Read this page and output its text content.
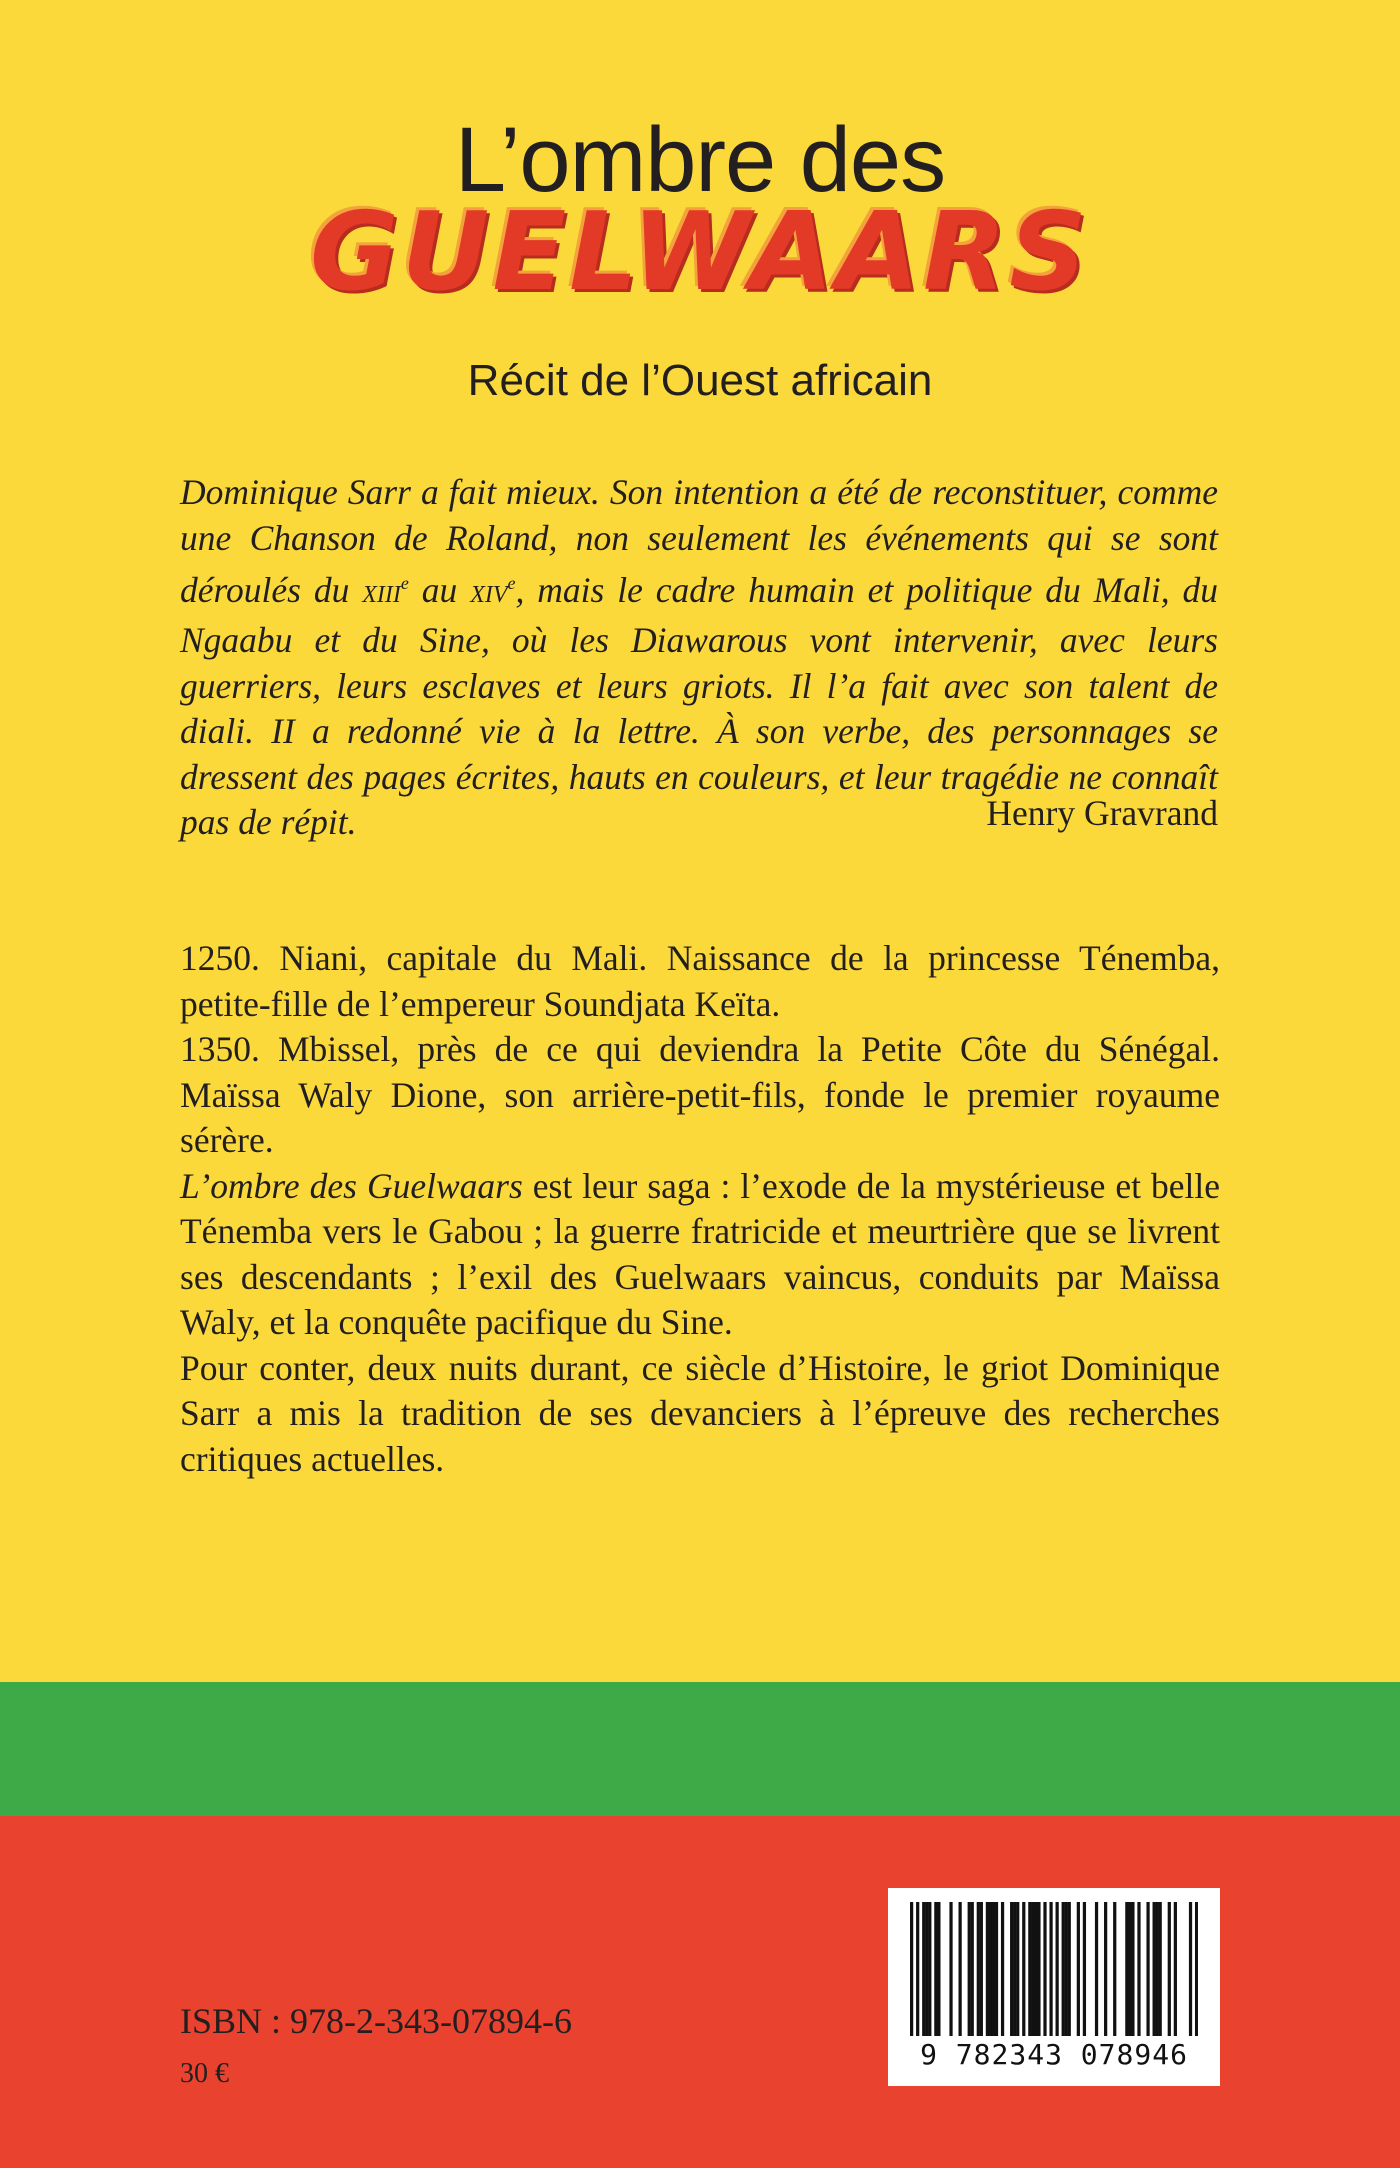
L’ombre des
GUELWAARS
Récit de l’Ouest africain
Dominique Sarr a fait mieux. Son intention a été de reconstituer, comme une Chanson de Roland, non seulement les événements qui se sont déroulés du XIIIe au XIVe, mais le cadre humain et politique du Mali, du Ngaabu et du Sine, où les Diawarous vont intervenir, avec leurs guerriers, leurs esclaves et leurs griots. Il l’a fait avec son talent de diali. II a redonné vie à la lettre. À son verbe, des personnages se dressent des pages écrites, hauts en couleurs, et leur tragédie ne connaît pas de répit.	Henry Gravrand

1250. Niani, capitale du Mali. Naissance de la princesse Ténemba, petite-fille de l’empereur Soundjata Keïta.

1350. Mbissel, près de ce qui deviendra la Petite Côte du Sénégal. Maïssa Waly Dione, son arrière-petit-fils, fonde le premier royaume sérère.

L’ombre des Guelwaars est leur saga : l’exode de la mystérieuse et belle Ténemba vers le Gabou ; la guerre fratricide et meurtrière que se livrent ses descendants ; l’exil des Guelwaars vaincus, conduits par Maïssa Waly, et la conquête pacifique du Sine.

Pour conter, deux nuits durant, ce siècle d’Histoire, le griot Dominique Sarr a mis la tradition de ses devanciers à l’épreuve des recherches critiques actuelles.

ISBN : 978-2-343-07894-6
30 €
9 782343 078946
